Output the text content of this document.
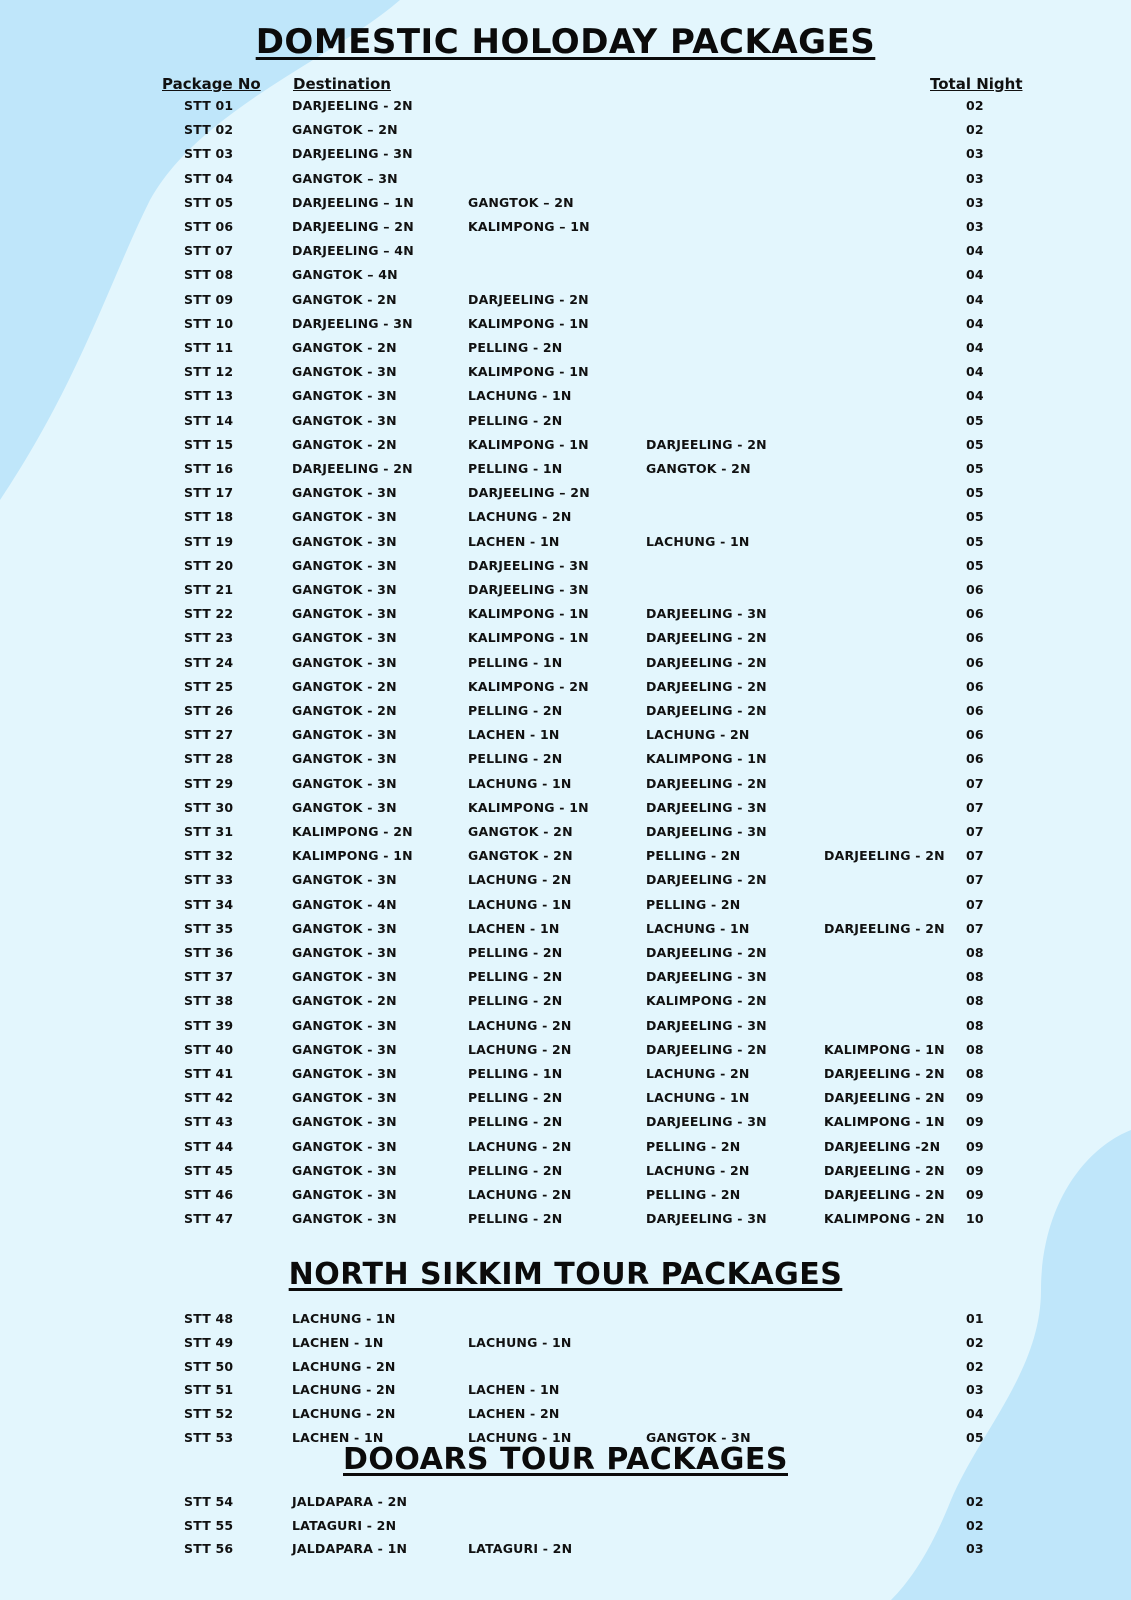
DOMESTIC HOLODAY PACKAGES
Package No Destination	Total Night
STT 01	DARJEELING - 2N	02
STT 02	GANGTOK – 2N	02
STT 03	DARJEELING - 3N	03
STT 04	GANGTOK – 3N	03
STT 05	DARJEELING – 1N	GANGTOK – 2N	03
STT 06	DARJEELING – 2N	KALIMPONG – 1N	03
STT 07	DARJEELING – 4N	04
STT 08	GANGTOK – 4N	04
STT 09	GANGTOK - 2N	DARJEELING - 2N	04
STT 10	DARJEELING - 3N	KALIMPONG - 1N	04
STT 11	GANGTOK - 2N	PELLING - 2N	04
STT 12	GANGTOK - 3N	KALIMPONG - 1N	04
STT 13	GANGTOK - 3N	LACHUNG - 1N	04
STT 14	GANGTOK - 3N	PELLING - 2N	05
STT 15	GANGTOK - 2N	KALIMPONG - 1N	DARJEELING - 2N	05
STT 16	DARJEELING - 2N	PELLING - 1N	GANGTOK - 2N	05
STT 17	GANGTOK - 3N	DARJEELING – 2N	05
STT 18	GANGTOK - 3N	LACHUNG - 2N	05
STT 19	GANGTOK - 3N	LACHEN - 1N	LACHUNG - 1N	05
STT 20	GANGTOK - 3N	DARJEELING - 3N	05
STT 21	GANGTOK - 3N	DARJEELING - 3N	06
STT 22	GANGTOK - 3N	KALIMPONG - 1N	DARJEELING - 3N	06
STT 23	GANGTOK - 3N	KALIMPONG - 1N	DARJEELING - 2N	06
STT 24	GANGTOK - 3N	PELLING - 1N	DARJEELING - 2N	06
STT 25	GANGTOK - 2N	KALIMPONG - 2N	DARJEELING - 2N	06
STT 26	GANGTOK - 2N	PELLING - 2N	DARJEELING - 2N	06
STT 27	GANGTOK - 3N	LACHEN - 1N	LACHUNG - 2N	06
STT 28	GANGTOK - 3N	PELLING - 2N	KALIMPONG - 1N	06
STT 29	GANGTOK - 3N	LACHUNG - 1N	DARJEELING - 2N	07
STT 30	GANGTOK - 3N	KALIMPONG - 1N	DARJEELING - 3N	07
STT 31	KALIMPONG - 2N	GANGTOK - 2N	DARJEELING - 3N	07
STT 32	KALIMPONG - 1N	GANGTOK - 2N	PELLING - 2N	DARJEELING - 2N 07
STT 33	GANGTOK - 3N	LACHUNG - 2N	DARJEELING - 2N	07
STT 34	GANGTOK - 4N	LACHUNG - 1N	PELLING - 2N	07
STT 35	GANGTOK - 3N	LACHEN - 1N	LACHUNG - 1N	DARJEELING - 2N 07
STT 36	GANGTOK - 3N	PELLING - 2N	DARJEELING - 2N	08
STT 37	GANGTOK - 3N	PELLING - 2N	DARJEELING - 3N	08
STT 38	GANGTOK - 2N	PELLING - 2N	KALIMPONG - 2N	08
STT 39	GANGTOK - 3N	LACHUNG - 2N	DARJEELING - 3N	08
STT 40	GANGTOK - 3N	LACHUNG - 2N	DARJEELING - 2N	KALIMPONG - 1N 08
STT 41	GANGTOK - 3N	PELLING - 1N	LACHUNG - 2N	DARJEELING - 2N 08
STT 42	GANGTOK - 3N	PELLING - 2N	LACHUNG - 1N	DARJEELING - 2N 09
STT 43	GANGTOK - 3N	PELLING - 2N	DARJEELING - 3N	KALIMPONG - 1N 09
STT 44	GANGTOK - 3N	LACHUNG - 2N	PELLING - 2N	DARJEELING -2N 09
STT 45	GANGTOK - 3N	PELLING - 2N	LACHUNG - 2N	DARJEELING - 2N 09
STT 46	GANGTOK - 3N	LACHUNG - 2N	PELLING - 2N	DARJEELING - 2N 09
STT 47	GANGTOK - 3N	PELLING - 2N	DARJEELING - 3N	KALIMPONG - 2N 10
NORTH SIKKIM TOUR PACKAGES
STT 48	LACHUNG - 1N	01
STT 49	LACHEN - 1N	LACHUNG - 1N	02
STT 50	LACHUNG - 2N	02
STT 51	LACHUNG - 2N	LACHEN - 1N	03
STT 52	LACHUNG - 2N	LACHEN - 2N	04
STT 53	LACHEN - 1N	LACHUNG - 1N	GANGTOK - 3N	05
DOOARS TOUR PACKAGES
STT 54	JALDAPARA - 2N	02
STT 55	LATAGURI - 2N	02
STT 56	JALDAPARA - 1N	LATAGURI - 2N	03
